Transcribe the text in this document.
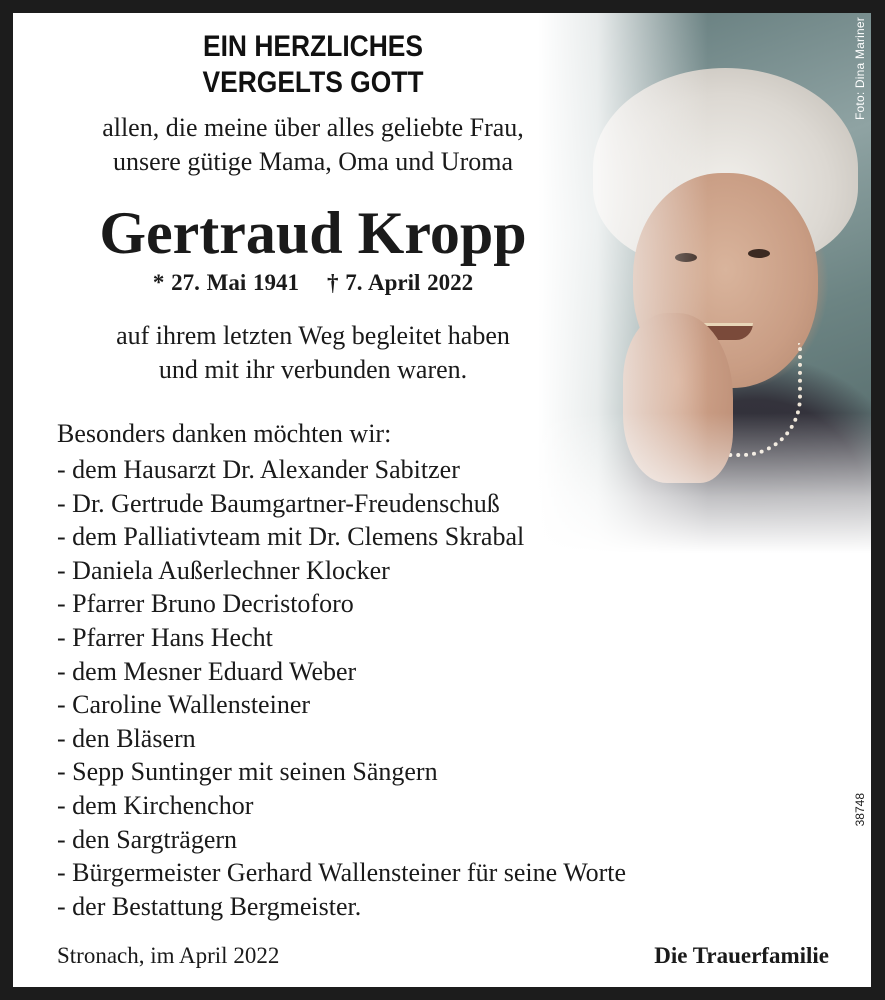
Foto: Dina Mariner
EIN HERZLICHES
VERGELTS GOTT
allen, die meine über alles geliebte Frau,
unsere gütige Mama, Oma und Uroma
Gertraud Kropp
* 27. Mai 1941 † 7. April 2022
auf ihrem letzten Weg begleitet haben
und mit ihr verbunden waren.
Besonders danken möchten wir:
- dem Hausarzt Dr. Alexander Sabitzer
- Dr. Gertrude Baumgartner-Freudenschuß
- dem Palliativteam mit Dr. Clemens Skrabal
- Daniela Außerlechner Klocker
- Pfarrer Bruno Decristoforo
- Pfarrer Hans Hecht
- dem Mesner Eduard Weber
- Caroline Wallensteiner
- den Bläsern
- Sepp Suntinger mit seinen Sängern
- dem Kirchenchor
- den Sargträgern
- Bürgermeister Gerhard Wallensteiner für seine Worte
- der Bestattung Bergmeister.
38748
Stronach, im April 2022	Die Trauerfamilie
